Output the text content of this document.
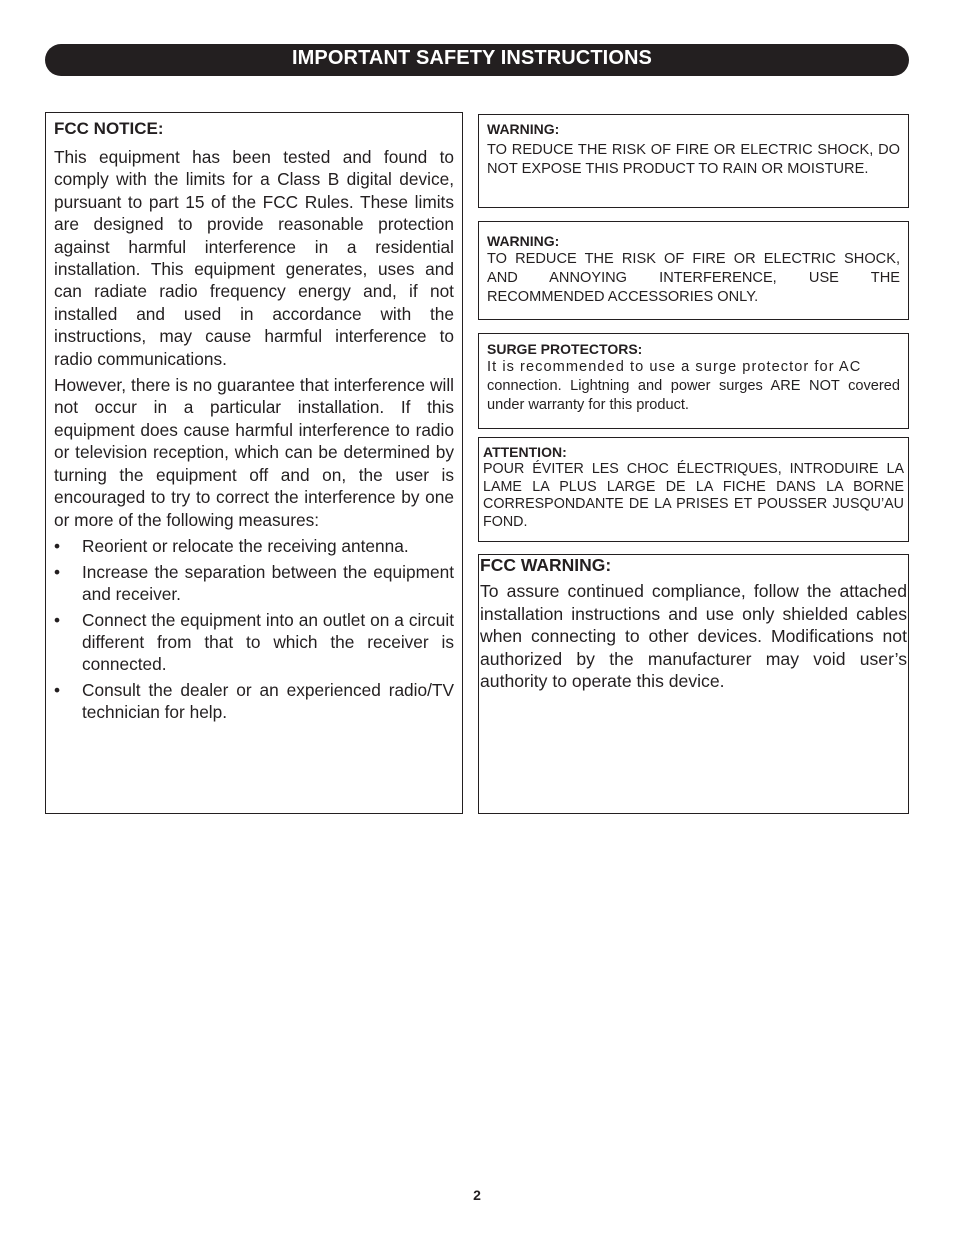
IMPORTANT SAFETY INSTRUCTIONS
FCC NOTICE:

This equipment has been tested and found to comply with the limits for a Class B digital device, pursuant to part 15 of the FCC Rules. These limits are designed to provide reasonable protection against harmful interference in a residential installation. This equipment generates, uses and can radiate radio frequency energy and, if not installed and used in accordance with the instructions, may cause harmful interference to radio communications.

However, there is no guarantee that interference will not occur in a particular installation. If this equipment does cause harmful interference to radio or television reception, which can be determined by turning the equipment off and on, the user is encouraged to try to correct the interference by one or more of the following measures:

• Reorient or relocate the receiving antenna.
• Increase the separation between the equipment and receiver.
• Connect the equipment into an outlet on a circuit different from that to which the receiver is connected.
• Consult the dealer or an experienced radio/TV technician for help.
WARNING:
TO REDUCE THE RISK OF FIRE OR ELECTRIC SHOCK, DO NOT EXPOSE THIS PRODUCT TO RAIN OR MOISTURE.
WARNING:
TO REDUCE THE RISK OF FIRE OR ELECTRIC SHOCK, AND ANNOYING INTERFERENCE, USE THE RECOMMENDED ACCESSORIES ONLY.
SURGE PROTECTORS:
It is recommended to use a surge protector for AC
connection. Lightning and power surges ARE NOT covered under warranty for this product.
ATTENTION:
POUR ÉVITER LES CHOC ÉLECTRIQUES, INTRODUIRE LA LAME LA PLUS LARGE DE LA FICHE DANS LA BORNE CORRESPONDANTE DE LA PRISES ET POUSSER JUSQU’AU FOND.
FCC WARNING:
To assure continued compliance, follow the attached installation instructions and use only shielded cables when connecting to other devices. Modifications not authorized by the manufacturer may void user’s authority to operate this device.
2
